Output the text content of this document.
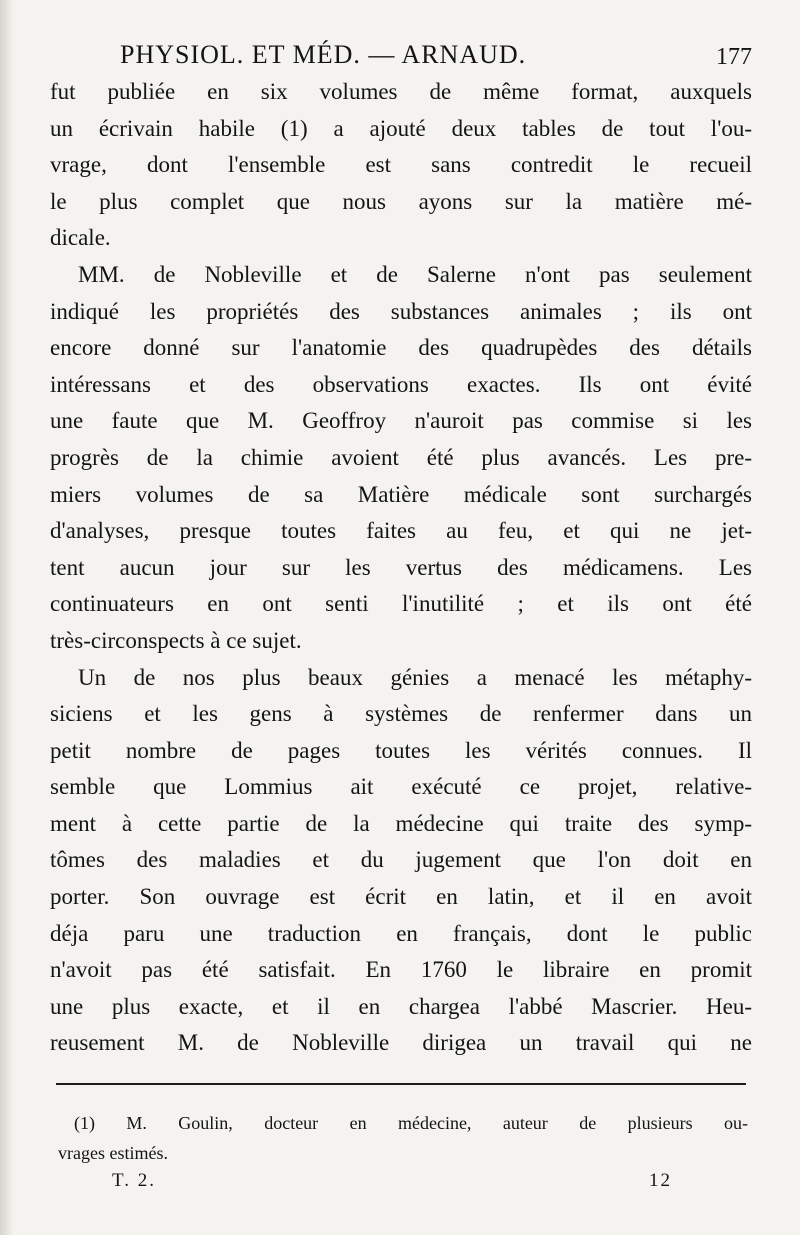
PHYSIOL. ET MÉD. — ARNAUD.	177
fut publiée en six volumes de même format, auxquels
un écrivain habile (1) a ajouté deux tables de tout l'ou-
vrage, dont l'ensemble est sans contredit le recueil
le plus complet que nous ayons sur la matière mé-
dicale.
MM. de Nobleville et de Salerne n'ont pas seulement
indiqué les propriétés des substances animales ; ils ont
encore donné sur l'anatomie des quadrupèdes des détails
intéressans et des observations exactes. Ils ont évité
une faute que M. Geoffroy n'auroit pas commise si les
progrès de la chimie avoient été plus avancés. Les pre-
miers volumes de sa Matière médicale sont surchargés
d'analyses, presque toutes faites au feu, et qui ne jet-
tent aucun jour sur les vertus des médicamens. Les
continuateurs en ont senti l'inutilité ; et ils ont été
très-circonspects à ce sujet.
Un de nos plus beaux génies a menacé les métaphy-
siciens et les gens à systèmes de renfermer dans un
petit nombre de pages toutes les vérités connues. Il
semble que Lommius ait exécuté ce projet, relative-
ment à cette partie de la médecine qui traite des symp-
tômes des maladies et du jugement que l'on doit en
porter. Son ouvrage est écrit en latin, et il en avoit
déja paru une traduction en français, dont le public
n'avoit pas été satisfait. En 1760 le libraire en promit
une plus exacte, et il en chargea l'abbé Mascrier. Heu-
reusement M. de Nobleville dirigea un travail qui ne
(1) M. Goulin, docteur en médecine, auteur de plusieurs ou-
vrages estimés.
T. 2.	12
